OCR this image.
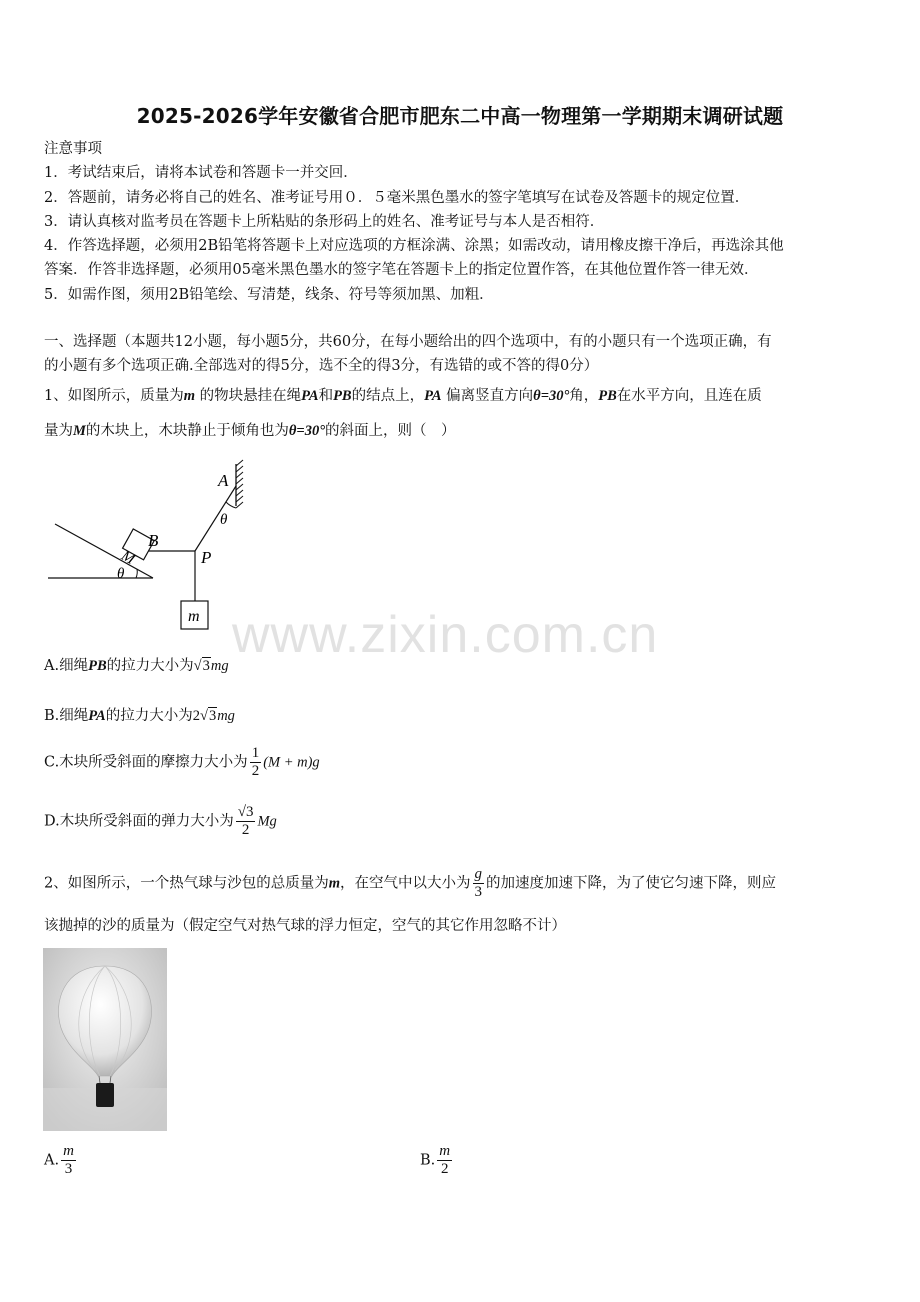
2025-2026学年安徽省合肥市肥东二中高一物理第一学期期末调研试题
注意事项
1．考试结束后，请将本试卷和答题卡一并交回．
2．答题前，请务必将自己的姓名、准考证号用０．５毫米黑色墨水的签字笔填写在试卷及答题卡的规定位置．
3．请认真核对监考员在答题卡上所粘贴的条形码上的姓名、准考证号与本人是否相符．
4．作答选择题，必须用2B铅笔将答题卡上对应选项的方框涂满、涂黑；如需改动，请用橡皮擦干净后，再选涂其他
答案．作答非选择题，必须用05毫米黑色墨水的签字笔在答题卡上的指定位置作答，在其他位置作答一律无效．
5．如需作图，须用2B铅笔绘、写清楚，线条、符号等须加黑、加粗．
一、选择题（本题共12小题，每小题5分，共60分，在每小题给出的四个选项中，有的小题只有一个选项正确，有
的小题有多个选项正确.全部选对的得5分，选不全的得3分，有选错的或不答的得0分）
1、如图所示，质量为m 的物块悬挂在绳PA和PB的结点上，PA 偏离竖直方向θ=30°角，PB在水平方向，且连在质
量为M的木块上，木块静止于倾角也为θ=30°的斜面上，则（　）
A
θ
B
P
M
θ
m
A.细绳PB的拉力大小为√3mg
B.细绳PA的拉力大小为2√3mg
C.木块所受斜面的摩擦力大小为 $\frac{1}{2} (M + m)g$
D.木块所受斜面的弹力大小为 $\frac{√3}{2}$ Mg
2、如图所示，一个热气球与沙包的总质量为m，在空气中以大小为 $\frac{g}{3}$ 的加速度加速下降，为了使它匀速下降，则应
该抛掉的沙的质量为（假定空气对热气球的浮力恒定，空气的其它作用忽略不计）
A. $\frac{m}{3}$	B. $\frac{m}{2}$
www.zixin.com.cn
